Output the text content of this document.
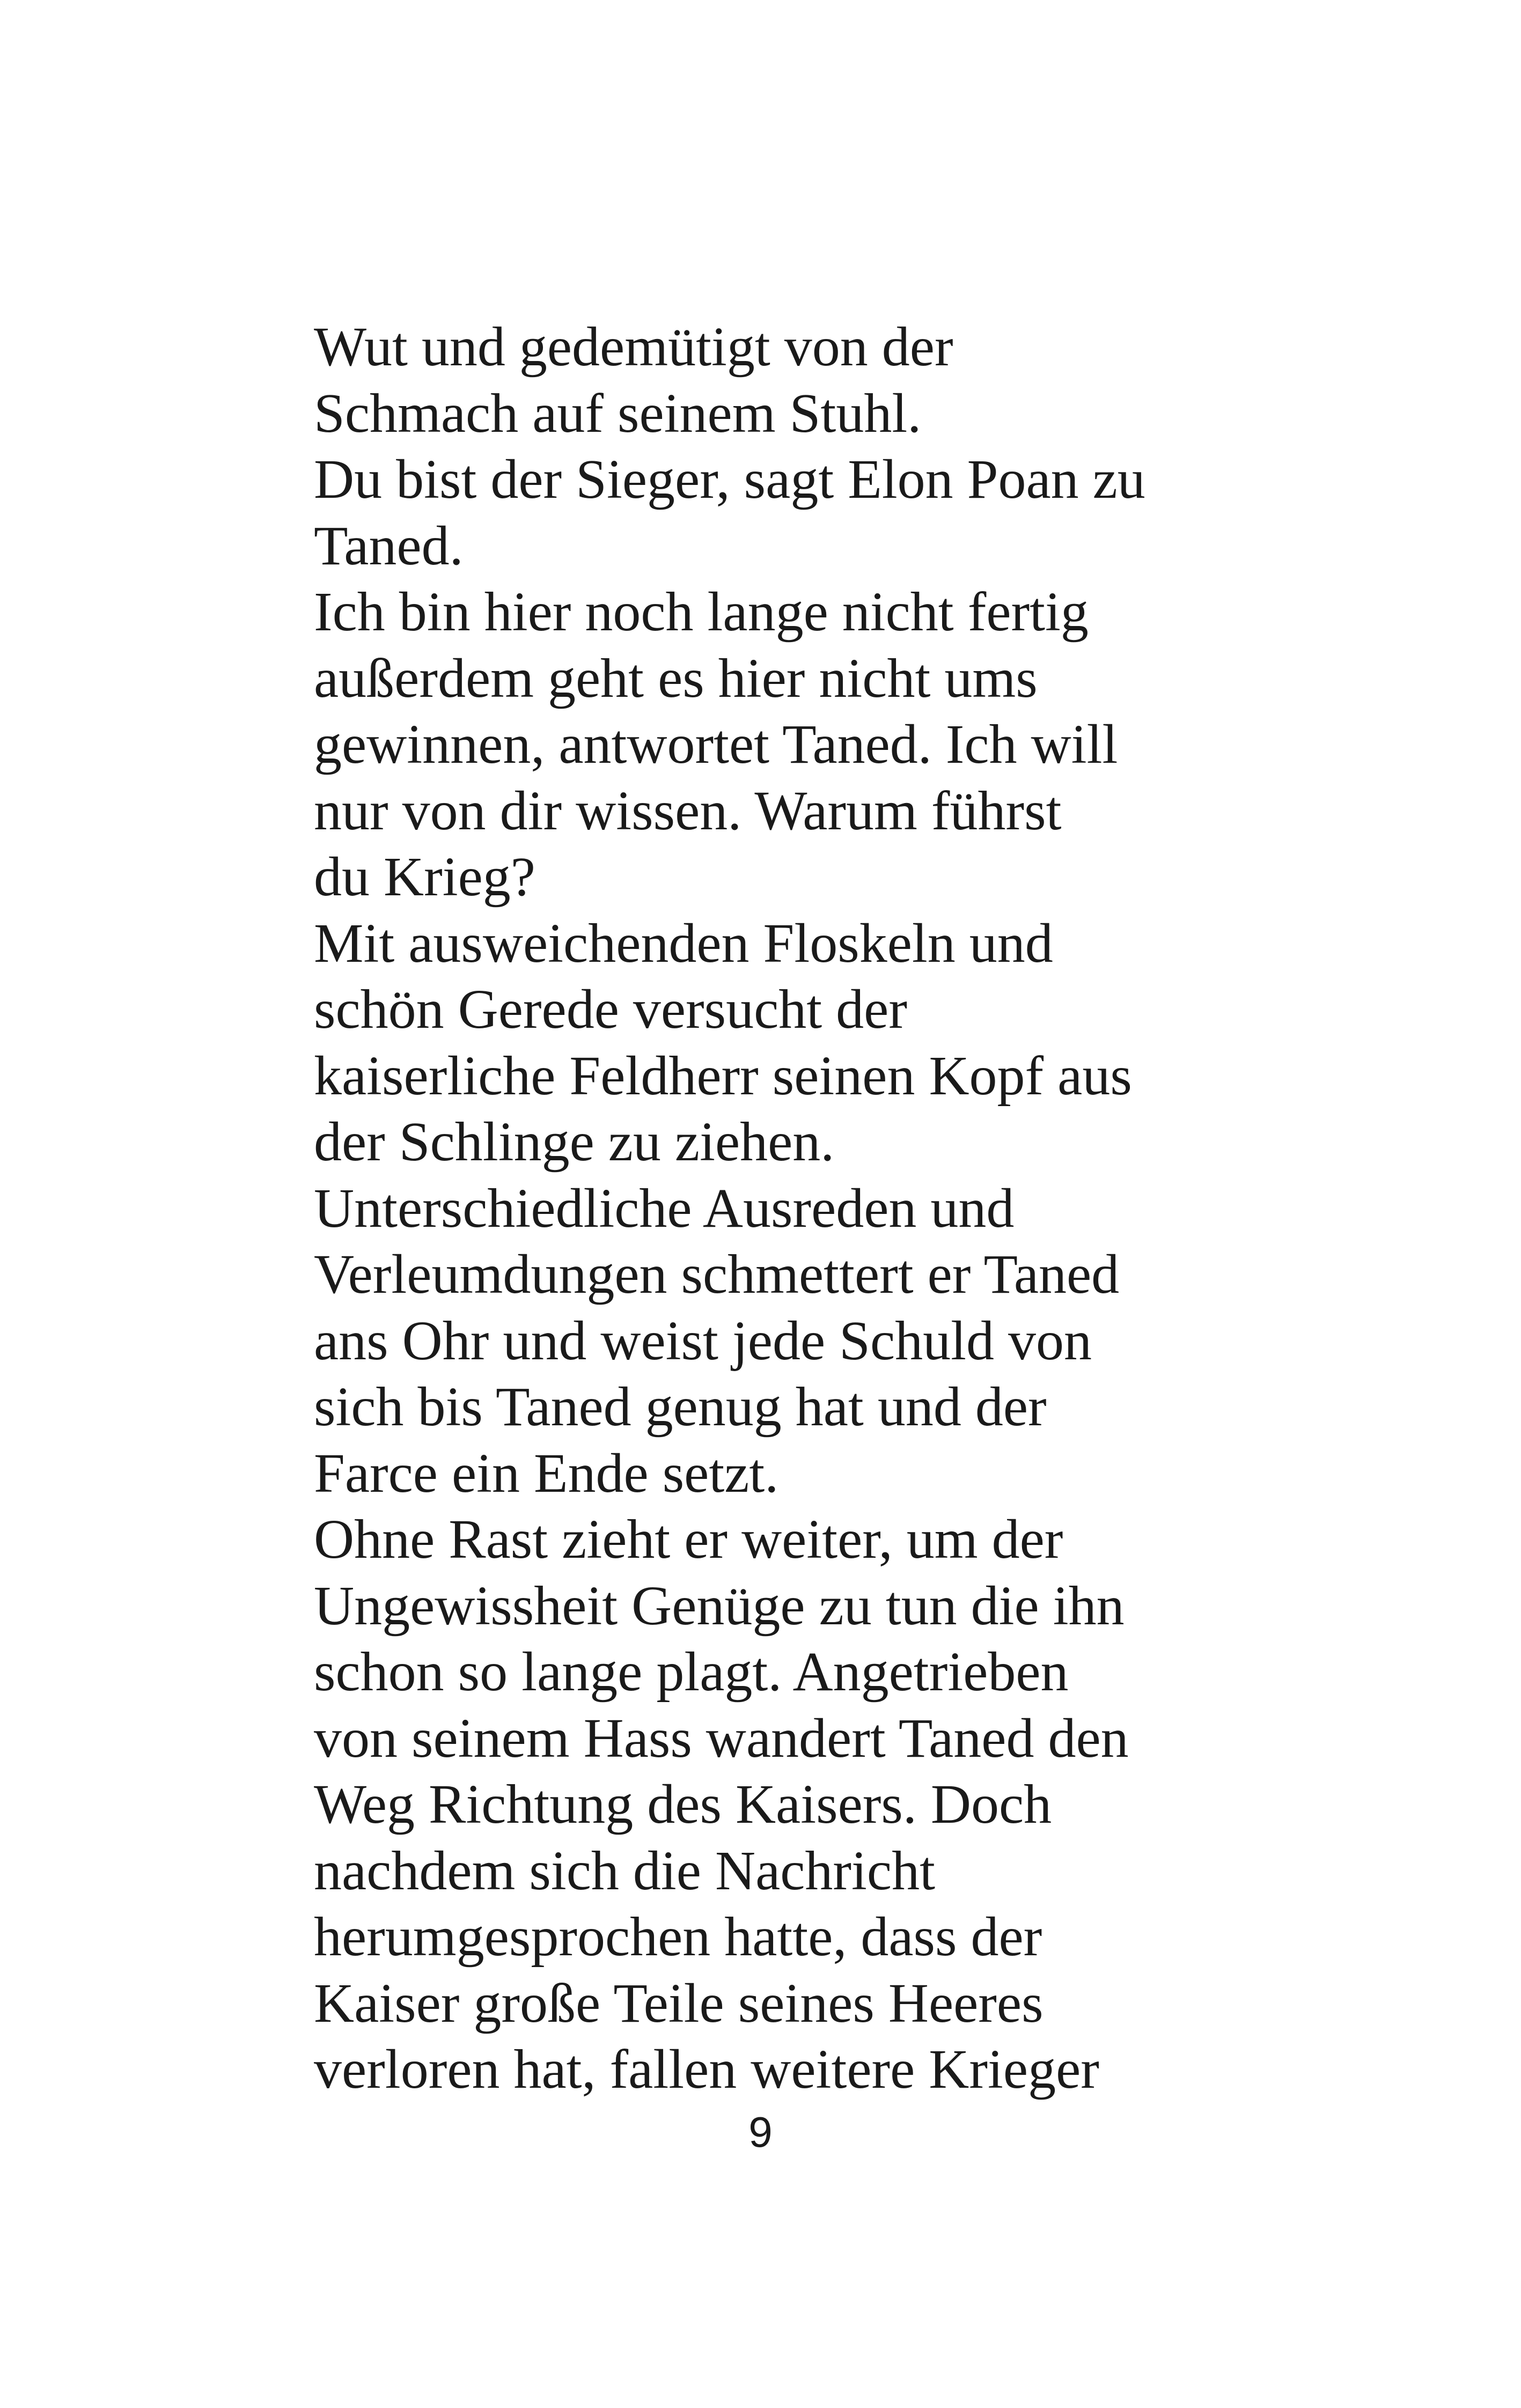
Wut und gedemütigt von der
Schmach auf seinem Stuhl.
Du bist der Sieger, sagt Elon Poan zu
Taned.
Ich bin hier noch lange nicht fertig
außerdem geht es hier nicht ums
gewinnen, antwortet Taned. Ich will
nur von dir wissen. Warum führst
du Krieg?
Mit ausweichenden Floskeln und
schön Gerede versucht der
kaiserliche Feldherr seinen Kopf aus
der Schlinge zu ziehen.
Unterschiedliche Ausreden und
Verleumdungen schmettert er Taned
ans Ohr und weist jede Schuld von
sich bis Taned genug hat und der
Farce ein Ende setzt.
Ohne Rast zieht er weiter, um der
Ungewissheit Genüge zu tun die ihn
schon so lange plagt. Angetrieben
von seinem Hass wandert Taned den
Weg Richtung des Kaisers. Doch
nachdem sich die Nachricht
herumgesprochen hatte, dass der
Kaiser große Teile seines Heeres
verloren hat, fallen weitere Krieger
9
